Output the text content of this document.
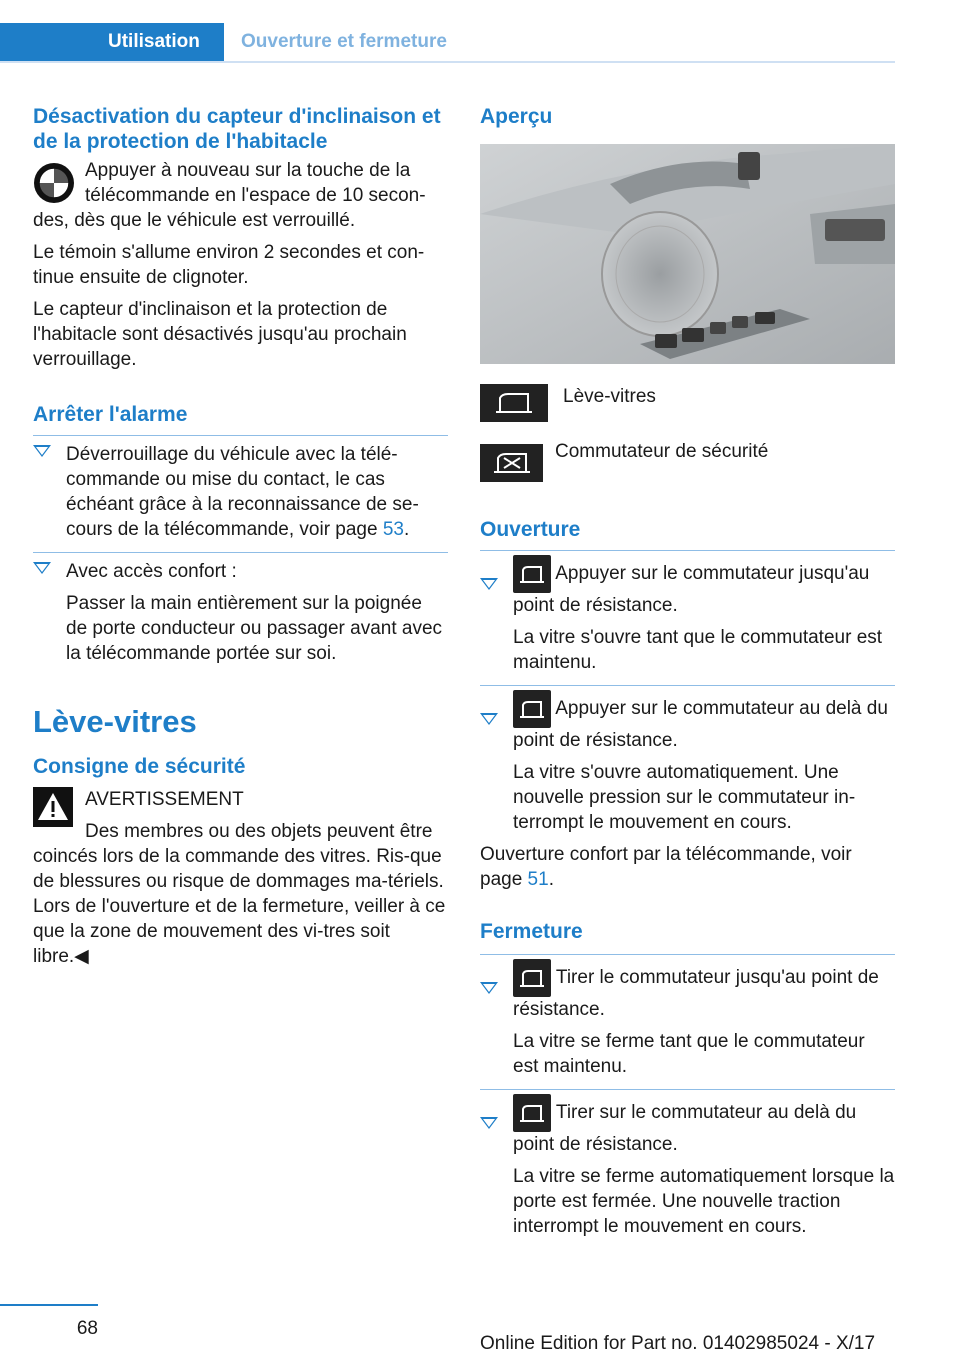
Utilisation	Ouverture et fermeture
Désactivation du capteur d'inclinaison et de la protection de l'habitacle

Appuyer à nouveau sur la touche de la télécommande en l'espace de 10 secon‐des, dès que le véhicule est verrouillé.

Le témoin s'allume environ 2 secondes et con‐tinue ensuite de clignoter.

Le capteur d'inclinaison et la protection de l'habitacle sont désactivés jusqu'au prochain verrouillage.

Arrêter l'alarme

Déverrouillage du véhicule avec la télé‐commande ou mise du contact, le cas échéant grâce à la reconnaissance de se‐cours de la télécommande, voir page 53.

Avec accès confort :

Passer la main entièrement sur la poignée de porte conducteur ou passager avant avec la télécommande portée sur soi.

Lève-vitres
Consigne de sécurité

AVERTISSEMENT

Des membres ou des objets peuvent être coincés lors de la commande des vitres. Ris‐que de blessures ou risque de dommages ma‐tériels. Lors de l'ouverture et de la fermeture, veiller à ce que la zone de mouvement des vi‐tres soit libre.◀

Aperçu
Lève-vitres
Commutateur de sécurité
Ouverture

Appuyer sur le commutateur jusqu'au point de résistance.

La vitre s'ouvre tant que le commutateur est maintenu.

Appuyer sur le commutateur au delà du point de résistance.

La vitre s'ouvre automatiquement. Une nouvelle pression sur le commutateur in‐terrompt le mouvement en cours.

Ouverture confort par la télécommande, voir page 51.

Fermeture

Tirer le commutateur jusqu'au point de résistance.

La vitre se ferme tant que le commutateur est maintenu.

Tirer sur le commutateur au delà du point de résistance.

La vitre se ferme automatiquement lorsque la porte est fermée. Une nouvelle traction interrompt le mouvement en cours.

68
Online Edition for Part no. 01402985024 - X/17
